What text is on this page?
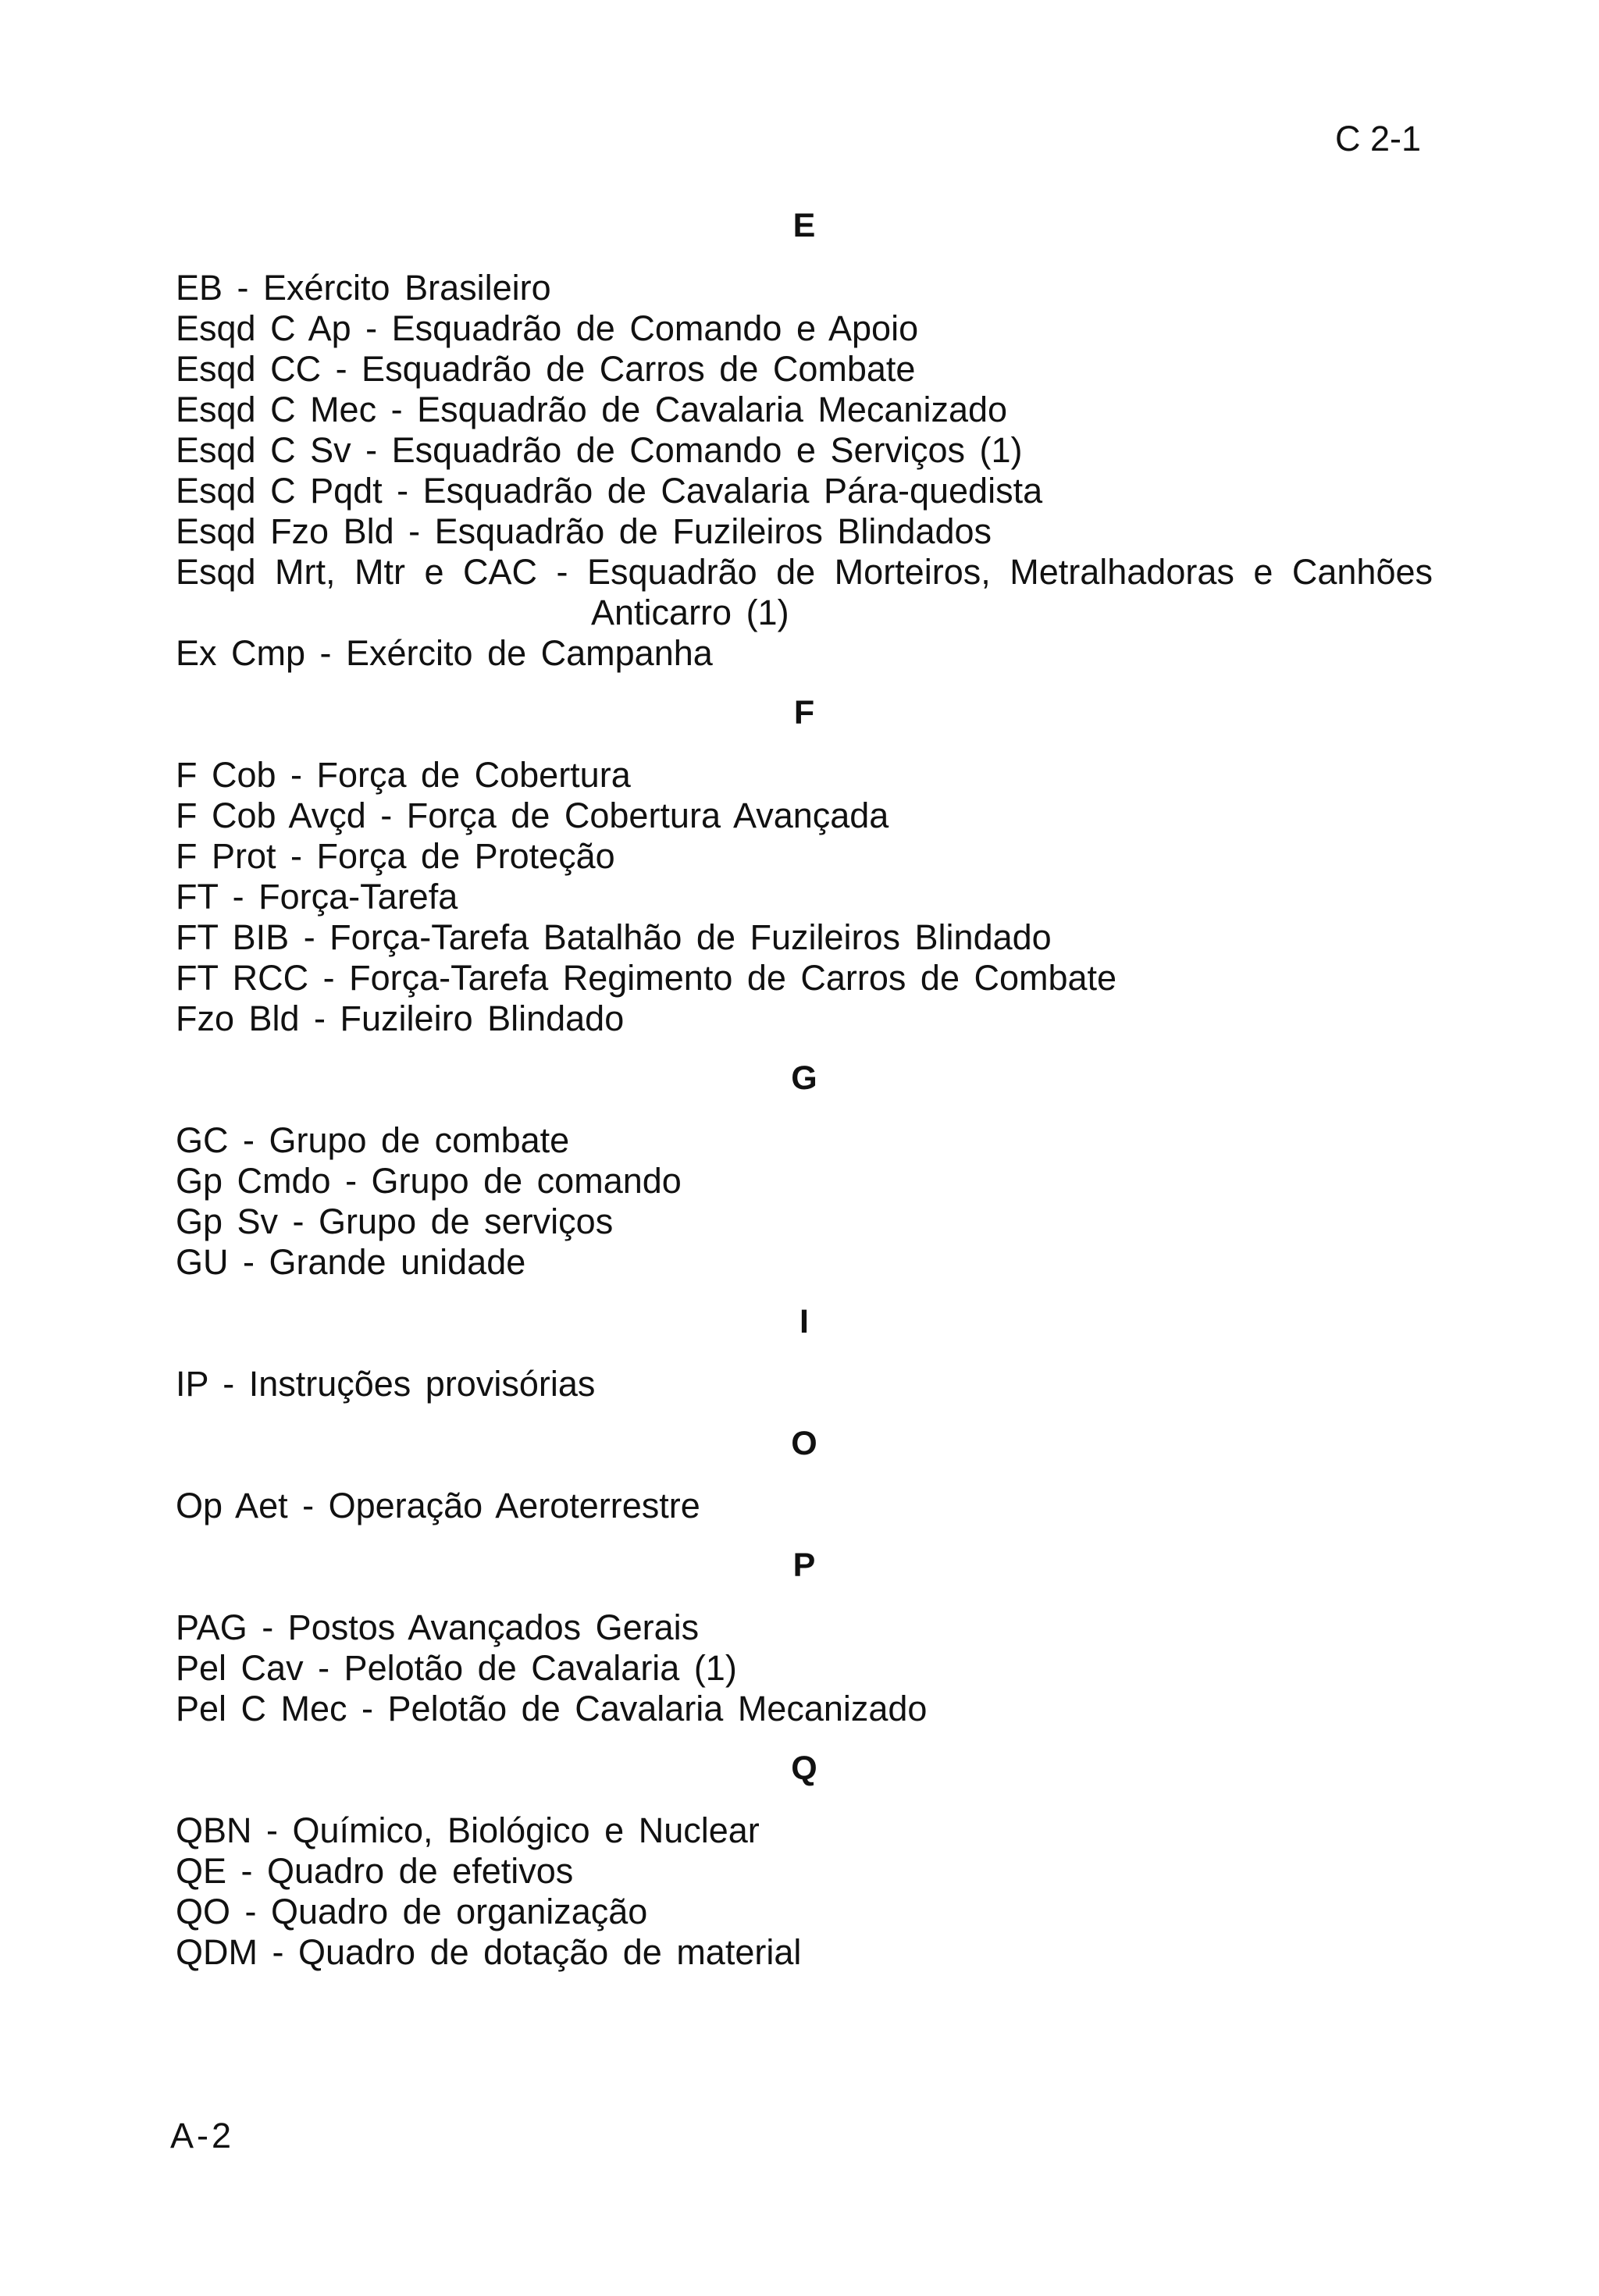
C 2-1
E
EB - Exército Brasileiro
Esqd C Ap - Esquadrão de Comando e Apoio
Esqd CC - Esquadrão de Carros de Combate
Esqd C Mec - Esquadrão de Cavalaria Mecanizado
Esqd C Sv - Esquadrão de Comando e Serviços (1)
Esqd C Pqdt - Esquadrão de Cavalaria Pára-quedista
Esqd Fzo Bld - Esquadrão de Fuzileiros Blindados
Esqd Mrt, Mtr e CAC - Esquadrão de Morteiros, Metralhadoras e Canhões
Anticarro (1)
Ex Cmp - Exército de Campanha
F
F Cob - Força de Cobertura
F Cob Avçd - Força de Cobertura Avançada
F Prot - Força de Proteção
FT - Força-Tarefa
FT BIB - Força-Tarefa Batalhão de Fuzileiros Blindado
FT RCC - Força-Tarefa Regimento de Carros de Combate
Fzo Bld - Fuzileiro Blindado
G
GC - Grupo de combate
Gp Cmdo - Grupo de comando
Gp Sv - Grupo de serviços
GU - Grande unidade
I
IP - Instruções provisórias
O
Op Aet - Operação Aeroterrestre
P
PAG - Postos Avançados Gerais
Pel Cav - Pelotão de Cavalaria (1)
Pel C Mec - Pelotão de Cavalaria Mecanizado
Q
QBN - Químico, Biológico e Nuclear
QE - Quadro de efetivos
QO - Quadro de organização
QDM - Quadro de dotação de material
A-2
